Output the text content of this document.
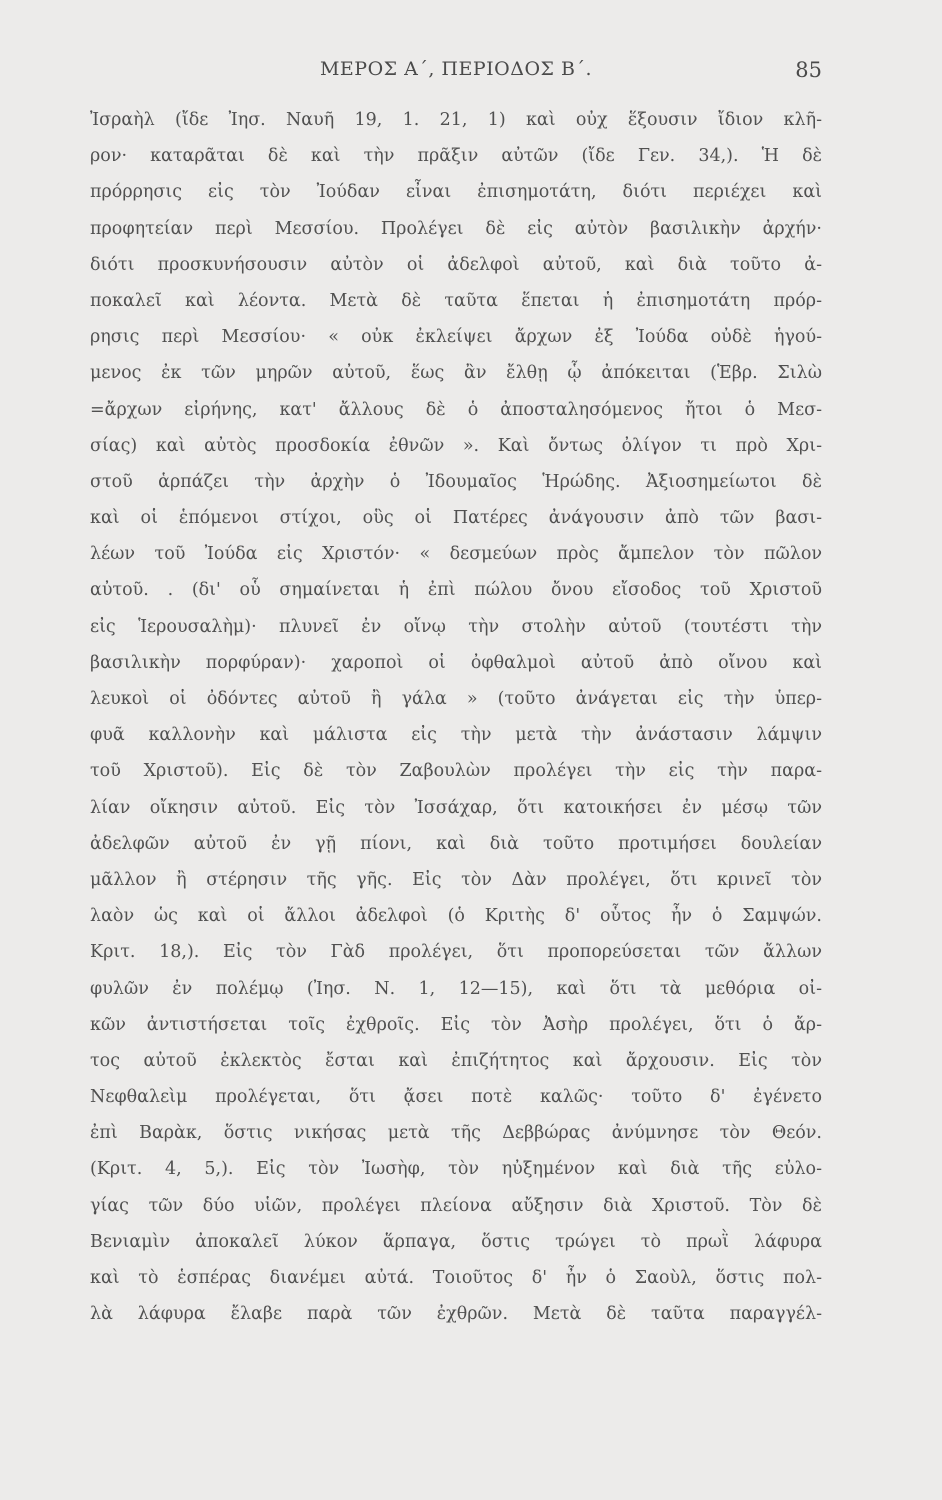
ΜΕΡΟΣ Α΄, ΠΕΡΙΟΔΟΣ Β΄.	85
Ἰσραὴλ (ἴδε Ἰησ. Ναυῆ 19, 1. 21, 1) καὶ οὐχ ἕξουσιν ἴδιον κλῆ-
ρον· καταρᾶται δὲ καὶ τὴν πρᾶξιν αὐτῶν (ἴδε Γεν. 34,). Ἡ δὲ
πρόρρησις εἰς τὸν Ἰούδαν εἶναι ἐπισημοτάτη, διότι περιέχει καὶ
προφητείαν περὶ Μεσσίου. Προλέγει δὲ εἰς αὐτὸν βασιλικὴν ἀρχήν·
διότι προσκυνήσουσιν αὐτὸν οἱ ἀδελφοὶ αὐτοῦ, καὶ διὰ τοῦτο ἀ-
ποκαλεῖ καὶ λέοντα. Μετὰ δὲ ταῦτα ἕπεται ἡ ἐπισημοτάτη πρόρ-
ρησις περὶ Μεσσίου· « οὐκ ἐκλείψει ἄρχων ἐξ Ἰούδα οὐδὲ ἡγού-
μενος ἐκ τῶν μηρῶν αὐτοῦ, ἕως ἂν ἔλθῃ ᾧ ἀπόκειται (Ἑβρ. Σιλὼ
=ἄρχων εἰρήνης, κατ' ἄλλους δὲ ὁ ἀποσταλησόμενος ἤτοι ὁ Μεσ-
σίας) καὶ αὐτὸς προσδοκία ἐθνῶν ». Καὶ ὄντως ὀλίγον τι πρὸ Χρι-
στοῦ ἁρπάζει τὴν ἀρχὴν ὁ Ἰδουμαῖος Ἡρώδης. Ἀξιοσημείωτοι δὲ
καὶ οἱ ἑπόμενοι στίχοι, οὓς οἱ Πατέρες ἀνάγουσιν ἀπὸ τῶν βασι-
λέων τοῦ Ἰούδα εἰς Χριστόν· « δεσμεύων πρὸς ἄμπελον τὸν πῶλον
αὐτοῦ. . (δι' οὗ σημαίνεται ἡ ἐπὶ πώλου ὄνου εἴσοδος τοῦ Χριστοῦ
εἰς Ἱερουσαλὴμ)· πλυνεῖ ἐν οἴνῳ τὴν στολὴν αὐτοῦ (τουτέστι τὴν
βασιλικὴν πορφύραν)· χαροποὶ οἱ ὀφθαλμοὶ αὐτοῦ ἀπὸ οἴνου καὶ
λευκοὶ οἱ ὀδόντες αὐτοῦ ἢ γάλα » (τοῦτο ἀνάγεται εἰς τὴν ὑπερ-
φυᾶ καλλονὴν καὶ μάλιστα εἰς τὴν μετὰ τὴν ἀνάστασιν λάμψιν
τοῦ Χριστοῦ). Εἰς δὲ τὸν Ζαβουλὼν προλέγει τὴν εἰς τὴν παρα-
λίαν οἴκησιν αὐτοῦ. Εἰς τὸν Ἰσσάχαρ, ὅτι κατοικήσει ἐν μέσῳ τῶν
ἀδελφῶν αὐτοῦ ἐν γῇ πίονι, καὶ διὰ τοῦτο προτιμήσει δουλείαν
μᾶλλον ἢ στέρησιν τῆς γῆς. Εἰς τὸν Δὰν προλέγει, ὅτι κρινεῖ τὸν
λαὸν ὡς καὶ οἱ ἄλλοι ἀδελφοὶ (ὁ Κριτὴς δ' οὗτος ἦν ὁ Σαμψών.
Κριτ. 18,). Εἰς τὸν Γὰδ προλέγει, ὅτι προπορεύσεται τῶν ἄλλων
φυλῶν ἐν πολέμῳ (Ἰησ. Ν. 1, 12—15), καὶ ὅτι τὰ μεθόρια οἰ-
κῶν ἀντιστήσεται τοῖς ἐχθροῖς. Εἰς τὸν Ἀσὴρ προλέγει, ὅτι ὁ ἄρ-
τος αὐτοῦ ἐκλεκτὸς ἔσται καὶ ἐπιζήτητος καὶ ἄρχουσιν. Εἰς τὸν
Νεφθαλεὶμ προλέγεται, ὅτι ᾄσει ποτὲ καλῶς· τοῦτο δ' ἐγένετο
ἐπὶ Βαρὰκ, ὅστις νικήσας μετὰ τῆς Δεββώρας ἀνύμνησε τὸν Θεόν.
(Κριτ. 4, 5,). Εἰς τὸν Ἰωσὴφ, τὸν ηὐξημένον καὶ διὰ τῆς εὐλο-
γίας τῶν δύο υἱῶν, προλέγει πλείονα αὔξησιν διὰ Χριστοῦ. Τὸν δὲ
Βενιαμὶν ἀποκαλεῖ λύκον ἅρπαγα, ὅστις τρώγει τὸ πρωῒ λάφυρα
καὶ τὸ ἑσπέρας διανέμει αὐτά. Τοιοῦτος δ' ἦν ὁ Σαοὺλ, ὅστις πολ-
λὰ λάφυρα ἔλαβε παρὰ τῶν ἐχθρῶν. Μετὰ δὲ ταῦτα παραγγέλ-
